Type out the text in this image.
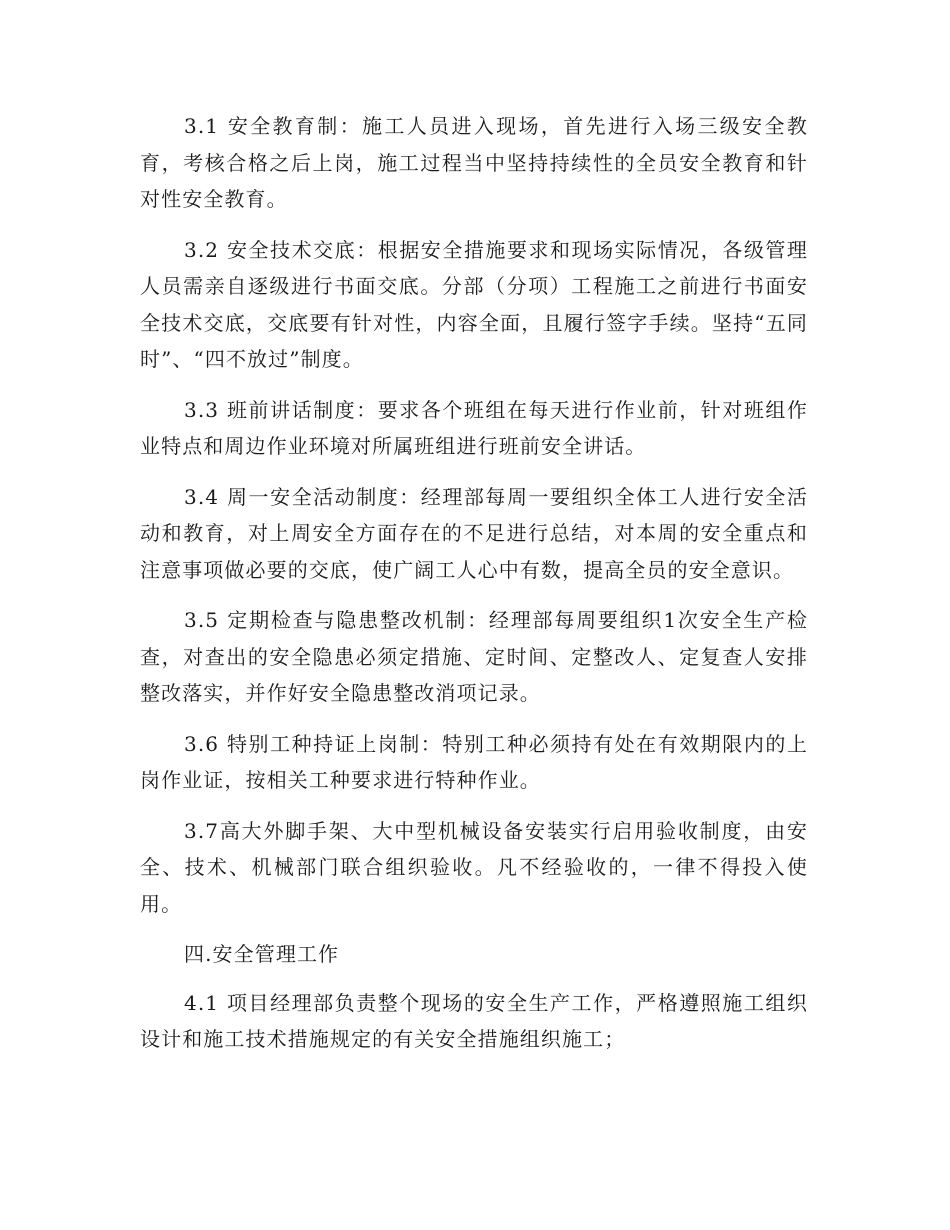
3.1 安全教育制：施工人员进入现场，首先进行入场三级安全教育，考核合格之后上岗，施工过程当中坚持持续性的全员安全教育和针对性安全教育。

3.2 安全技术交底：根据安全措施要求和现场实际情况，各级管理人员需亲自逐级进行书面交底。分部（分项）工程施工之前进行书面安全技术交底，交底要有针对性，内容全面，且履行签字手续。坚持“五同时”、“四不放过”制度。

3.3 班前讲话制度：要求各个班组在每天进行作业前，针对班组作业特点和周边作业环境对所属班组进行班前安全讲话。

3.4 周一安全活动制度：经理部每周一要组织全体工人进行安全活动和教育，对上周安全方面存在的不足进行总结，对本周的安全重点和注意事项做必要的交底，使广阔工人心中有数，提高全员的安全意识。

3.5 定期检查与隐患整改机制：经理部每周要组织1次安全生产检查，对查出的安全隐患必须定措施、定时间、定整改人、定复查人安排整改落实，并作好安全隐患整改消项记录。

3.6 特别工种持证上岗制：特别工种必须持有处在有效期限内的上岗作业证，按相关工种要求进行特种作业。

3.7高大外脚手架、大中型机械设备安装实行启用验收制度，由安全、技术、机械部门联合组织验收。凡不经验收的，一律不得投入使用。

四.安全管理工作

4.1 项目经理部负责整个现场的安全生产工作，严格遵照施工组织设计和施工技术措施规定的有关安全措施组织施工；
